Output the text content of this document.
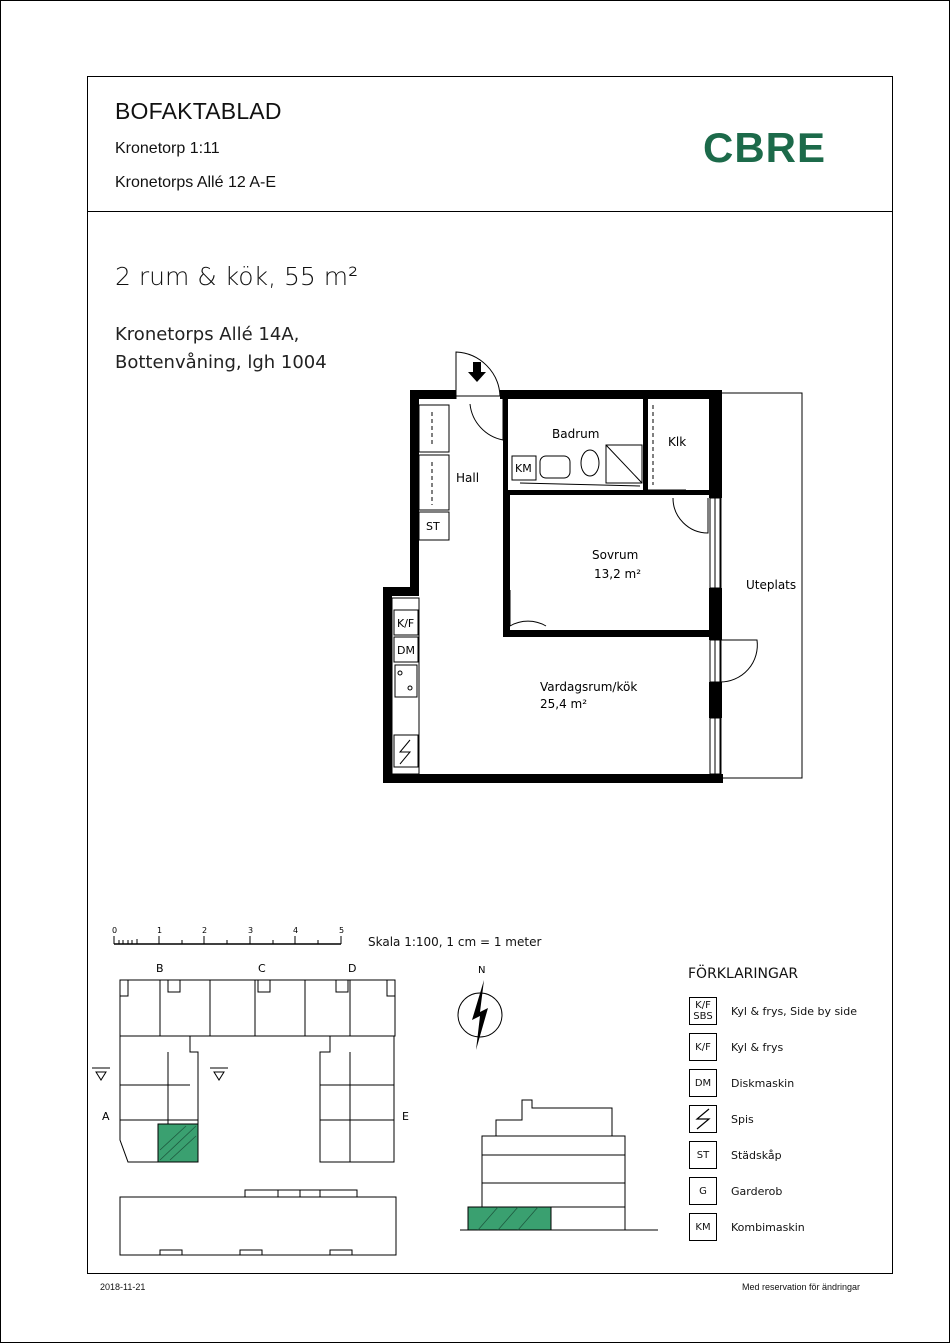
BOFAKTABLAD
Kronetorp 1:11
Kronetorps Allé 12 A-E
CBRE
2 rum & kök, 55 m²
Kronetorps Allé 14A,
Bottenvåning, lgh 1004
Badrum
Klk
Hall
KM
ST
K/F
DM
Sovrum
13,2 m²
Uteplats
Vardagsrum/kök
25,4 m²
0	1	2	3	4	5
Skala 1:100, 1 cm = 1 meter
B	C	D
A	E
N	FÖRKLARINGAR
K/F
SBS Kyl & frys, Side by side
K/F	Kyl & frys
DM	Diskmaskin
Spis
ST	Städskåp
G	Garderob
KM	Kombimaskin
2018-11-21	Med reservation för ändringar
